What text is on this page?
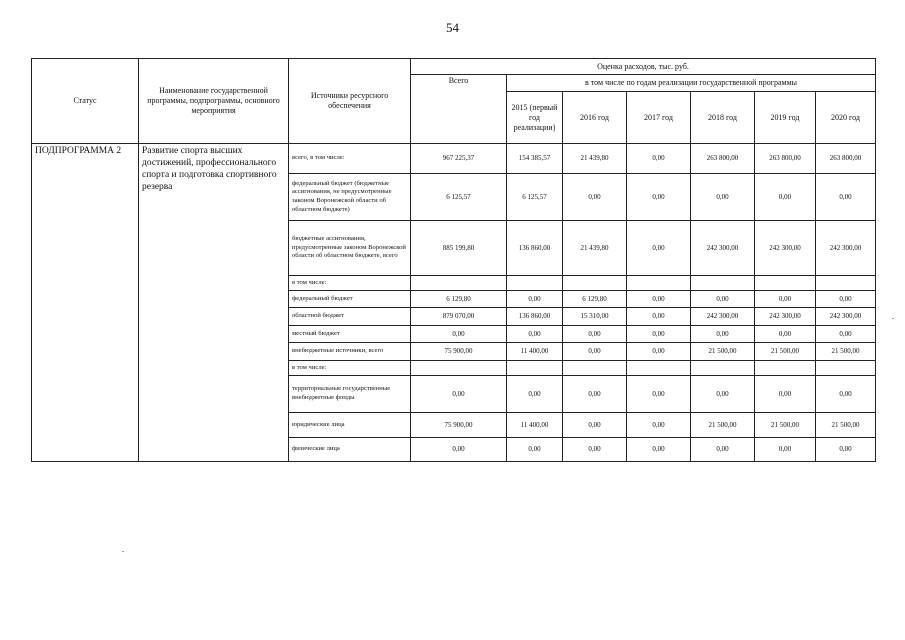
54
Статус	Наименование государственной программы, подпрограммы, основного мероприятия	Источники ресурсного обеспечения	Оценка расходов, тыс. руб.						
			Всего	в том числе по годам реализации государственной программы					
				2015 (первый год реализации)	2016 год	2017 год	2018 год	2019 год	2020 год
ПОДПРОГРАММА 2	Развитие спорта высших достижений, профессионального спорта и подготовка спортивного резерва	всего, в том числе:	967 225,37	154 385,57	21 439,80	0,00	263 800,00	263 800,00	263 800,00
		федеральный бюджет (бюджетные ассигнования, не предусмотренные законом Воронежской области об областном бюджете)	6 125,57	6 125,57	0,00	0,00	0,00	0,00	0,00
		бюджетные ассигнования, предусмотренные законом Воронежской области об областном бюджете, всего	885 199,80	136 860,00	21 439,80	0,00	242 300,00	242 300,00	242 300,00
		в том числе:							
		федеральный бюджет	6 129,80	0,00	6 129,80	0,00	0,00	0,00	0,00
		областной бюджет	879 070,00	136 860,00	15 310,00	0,00	242 300,00	242 300,00	242 300,00
		местный бюджет	0,00	0,00	0,00	0,00	0,00	0,00	0,00
		внебюджетные источники, всего	75 900,00	11 400,00	0,00	0,00	21 500,00	21 500,00	21 500,00
		в том числе:							
		территориальные государственные внебюджетные фонды	0,00	0,00	0,00	0,00	0,00	0,00	0,00
		юридические лица	75 900,00	11 400,00	0,00	0,00	21 500,00	21 500,00	21 500,00
		физические лица	0,00	0,00	0,00	0,00	0,00	0,00	0,00
